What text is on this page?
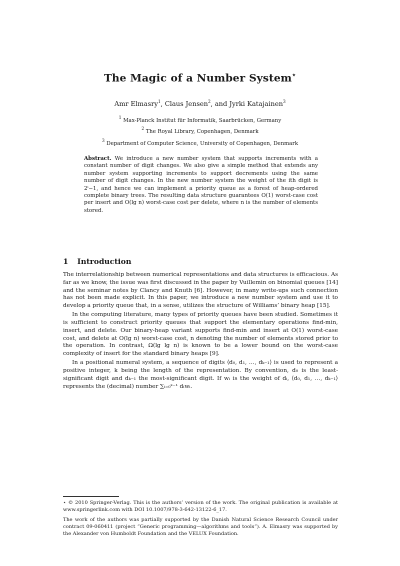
The Magic of a Number System⋆
Amr Elmasry$^1$, Claus Jensen$^2$, and Jyrki Katajainen$^3$
$^1$ Max-Planck Institut für Informatik, Saarbrücken, Germany
$^2$ The Royal Library, Copenhagen, Denmark
$^3$ Department of Computer Science, University of Copenhagen, Denmark
Abstract. We introduce a new number system that supports increments with a constant number of digit changes. We also give a simple method that extends any number system supporting increments to support decrements using the same number of digit changes. In the new number system the weight of the ith digit is 2ⁱ−1, and hence we can implement a priority queue as a forest of heap-ordered complete binary trees. The resulting data structure guarantees O(1) worst-case cost per insert and O(lg n) worst-case cost per delete, where n is the number of elements stored.
1 Introduction

The interrelationship between numerical representations and data structures is efficacious. As far as we know, the issue was first discussed in the paper by Vuillemin on binomial queues [14] and the seminar notes by Clancy and Knuth [6]. However, in many write-ups such connection has not been made explicit. In this paper, we introduce a new number system and use it to develop a priority queue that, in a sense, utilizes the structure of Williams’ binary heap [15].

In the computing literature, many types of priority queues have been studied. Sometimes it is sufficient to construct priority queues that support the elementary operations find-min, insert, and delete. Our binary-heap variant supports find-min and insert at O(1) worst-case cost, and delete at O(lg n) worst-case cost, n denoting the number of elements stored prior to the operation. In contrast, Ω(lg lg n) is known to be a lower bound on the worst-case complexity of insert for the standard binary heaps [9].

In a positional numeral system, a sequence of digits ⟨d₀, d₁, …, dₖ₋₁⟩ is used to represent a positive integer, k being the length of the representation. By convention, d₀ is the least-significant digit and dₖ₋₁ the most-significant digit. If wᵢ is the weight of dᵢ, ⟨d₀, d₁, …, dₖ₋₁⟩ represents the (decimal) number ∑ᵢ₌₀ᵏ⁻¹ dᵢwᵢ.

⋆ © 2010 Springer-Verlag. This is the authors’ version of the work. The original publication is available at www.springerlink.com with DOI 10.1007/978-3-642-13122-6_17.

The work of the authors was partially supported by the Danish Natural Science Research Council under contract 09-060411 (project “Generic programming—algorithms and tools”). A. Elmasry was supported by the Alexander von Humboldt Foundation and the VELUX Foundation.
